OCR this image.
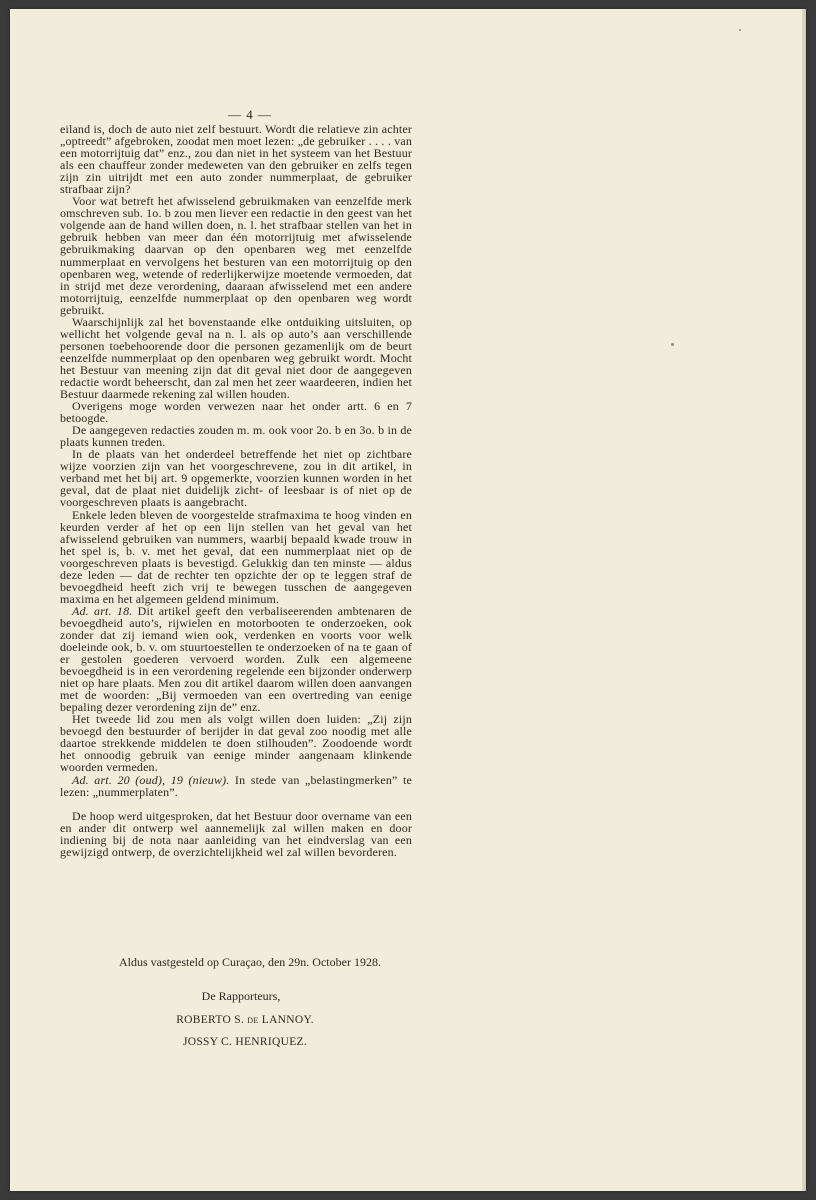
— 4 —

eiland is, doch de auto niet zelf bestuurt. Wordt die relatieve zin achter „optreedt” afgebroken, zoodat men moet lezen: „de gebruiker . . . . van een motorrijtuig dat” enz., zou dan niet in het systeem van het Bestuur als een chauffeur zonder medeweten van den gebruiker en zelfs tegen zijn zin uitrijdt met een auto zonder nummerplaat, de gebruiker strafbaar zijn?

Voor wat betreft het afwisselend gebruikmaken van eenzelfde merk omschreven sub. 1o. b zou men liever een redactie in den geest van het volgende aan de hand willen doen, n. l. het strafbaar stellen van het in gebruik hebben van meer dan één motorrijtuig met afwisselende gebruikmaking daarvan op den openbaren weg met eenzelfde nummerplaat en vervolgens het besturen van een motorrijtuig op den openbaren weg, wetende of rederlijkerwijze moetende vermoeden, dat in strijd met deze verordening, daaraan afwisselend met een andere motorrijtuig, eenzelfde nummerplaat op den openbaren weg wordt gebruikt.

Waarschijnlijk zal het bovenstaande elke ontduiking uitsluiten, op wellicht het volgende geval na n. l. als op auto’s aan verschillende personen toebehoorende door die personen gezamenlijk om de beurt eenzelfde nummerplaat op den openbaren weg gebruikt wordt. Mocht het Bestuur van meening zijn dat dit geval niet door de aangegeven redactie wordt beheerscht, dan zal men het zeer waardeeren, indien het Bestuur daarmede rekening zal willen houden.

Overigens moge worden verwezen naar het onder artt. 6 en 7 betoogde.

De aangegeven redacties zouden m. m. ook voor 2o. b en 3o. b in de plaats kunnen treden.

In de plaats van het onderdeel betreffende het niet op zichtbare wijze voorzien zijn van het voorgeschrevene, zou in dit artikel, in verband met het bij art. 9 opgemerkte, voorzien kunnen worden in het geval, dat de plaat niet duidelijk zicht- of leesbaar is of niet op de voorgeschreven plaats is aangebracht.

Enkele leden bleven de voorgestelde strafmaxima te hoog vinden en keurden verder af het op een lijn stellen van het geval van het afwisselend gebruiken van nummers, waarbij bepaald kwade trouw in het spel is, b. v. met het geval, dat een nummerplaat niet op de voorgeschreven plaats is bevestigd. Gelukkig dan ten minste — aldus deze leden — dat de rechter ten opzichte der op te leggen straf de bevoegdheid heeft zich vrij te bewegen tusschen de aangegeven maxima en het algemeen geldend minimum.

Ad. art. 18. Dit artikel geeft den verbaliseerenden ambtenaren de bevoegdheid auto’s, rijwielen en motorbooten te onderzoeken, ook zonder dat zij iemand wien ook, verdenken en voorts voor welk doeleinde ook, b. v. om stuurtoestellen te onderzoeken of na te gaan of er gestolen goederen vervoerd worden. Zulk een algemeene bevoegdheid is in een verordening regelende een bijzonder onderwerp niet op hare plaats. Men zou dit artikel daarom willen doen aanvangen met de woorden: „Bij vermoeden van een overtreding van eenige bepaling dezer verordening zijn de” enz.

Het tweede lid zou men als volgt willen doen luiden: „Zij zijn bevoegd den bestuurder of berijder in dat geval zoo noodig met alle daartoe strekkende middelen te doen stilhouden”. Zoodoende wordt het onnoodig gebruik van eenige minder aangenaam klinkende woorden vermeden.

Ad. art. 20 (oud), 19 (nieuw). In stede van „belastingmerken” te lezen: „nummerplaten”.

De hoop werd uitgesproken, dat het Bestuur door overname van een en ander dit ontwerp wel aannemelijk zal willen maken en door indiening bij de nota naar aanleiding van het eindverslag van een gewijzigd ontwerp, de overzichtelijkheid wel zal willen bevorderen.

Aldus vastgesteld op Curaçao, den 29n. October 1928.

De Rapporteurs,

ROBERTO S. de LANNOY.

JOSSY C. HENRIQUEZ.
